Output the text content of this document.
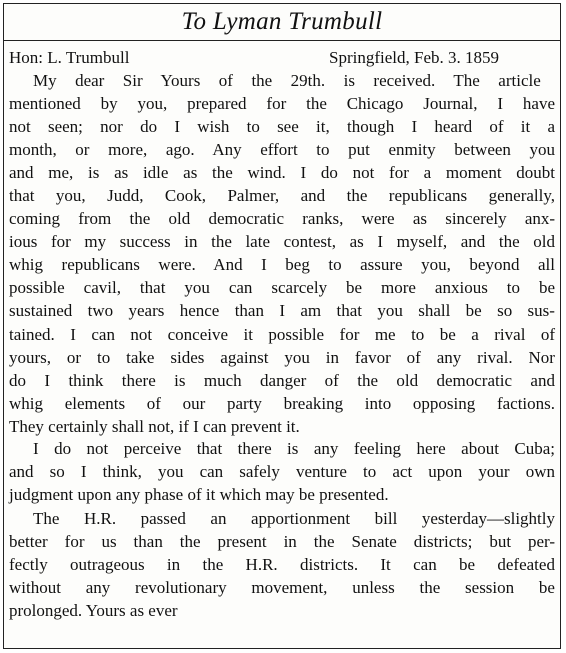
To Lyman Trumbull
Hon: L. Trumbull	Springfield, Feb. 3. 1859
My dear Sir Yours of the 29th. is received. The article
mentioned by you, prepared for the Chicago Journal, I have
not seen; nor do I wish to see it, though I heard of it a
month, or more, ago. Any effort to put enmity between you
and me, is as idle as the wind. I do not for a moment doubt
that you, Judd, Cook, Palmer, and the republicans generally,
coming from the old democratic ranks, were as sincerely anx-
ious for my success in the late contest, as I myself, and the old
whig republicans were. And I beg to assure you, beyond all
possible cavil, that you can scarcely be more anxious to be
sustained two years hence than I am that you shall be so sus-
tained. I can not conceive it possible for me to be a rival of
yours, or to take sides against you in favor of any rival. Nor
do I think there is much danger of the old democratic and
whig elements of our party breaking into opposing factions.
They certainly shall not, if I can prevent it.
I do not perceive that there is any feeling here about Cuba;
and so I think, you can safely venture to act upon your own
judgment upon any phase of it which may be presented.
The H.R. passed an apportionment bill yesterday—slightly
better for us than the present in the Senate districts; but per-
fectly outrageous in the H.R. districts. It can be defeated
without any revolutionary movement, unless the session be
prolonged. Yours as ever
